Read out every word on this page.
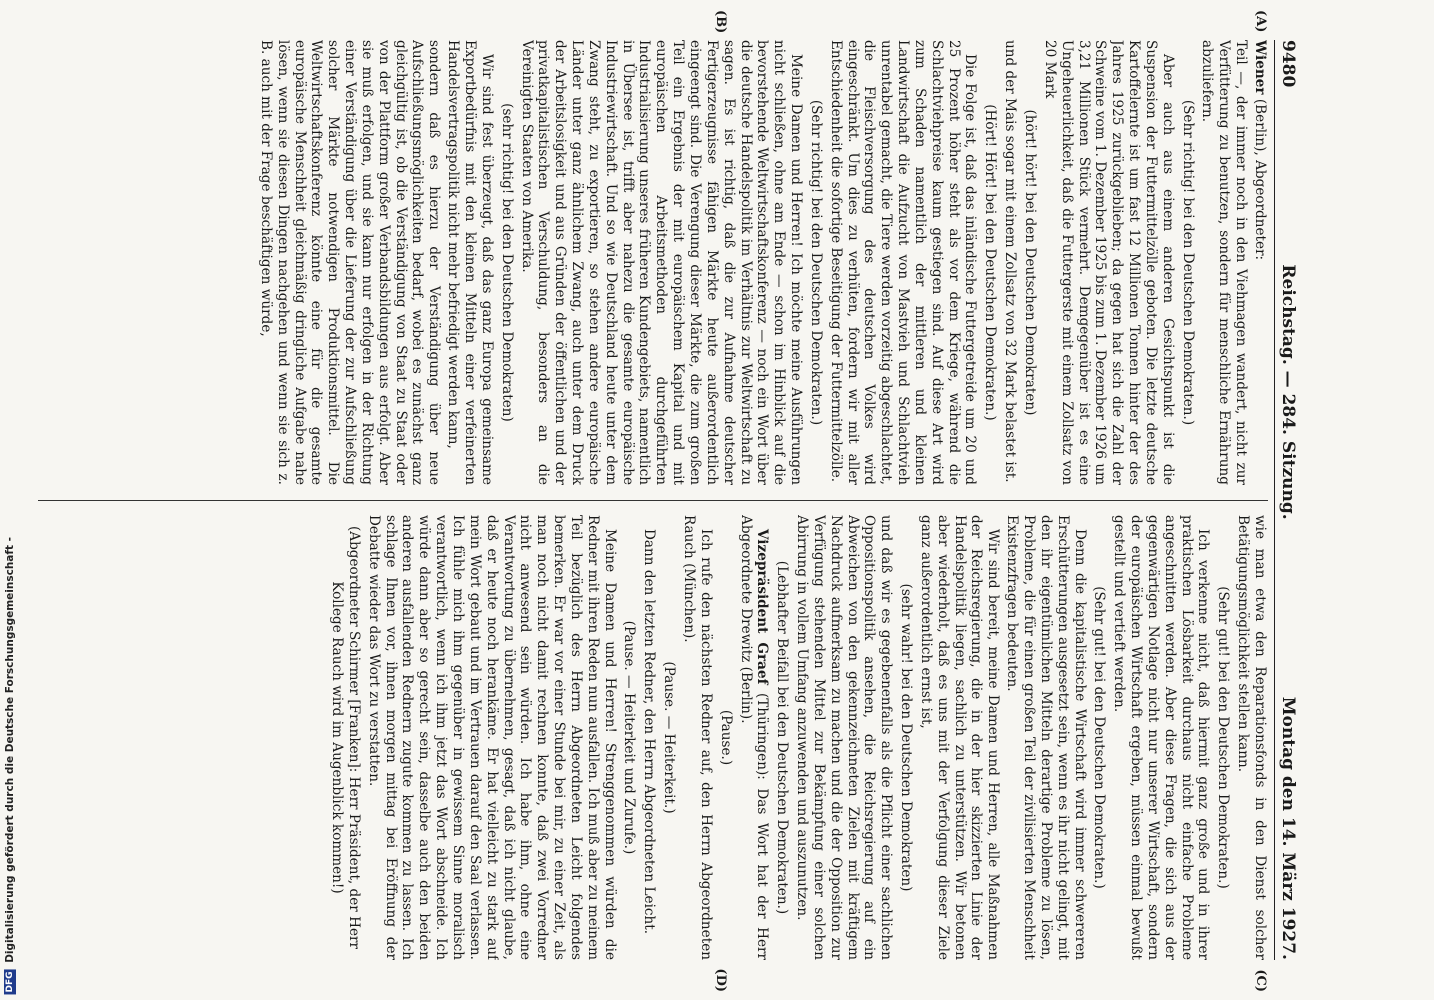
9480
Reichstag. — 284. Sitzung.
Montag den 14. März 1927.
(A)
(B)
(C)
(D)

Wiener (Berlin), Abgeordneter:

Teil —, der immer noch in den Viehmagen wandert, nicht zur Verfütterung zu benutzen, sondern für menschliche Ernährung abzuliefern.

(Sehr richtig! bei den Deutschen Demokraten.)

Aber auch aus einem anderen Gesichtspunkt ist die Suspension der Futtermittelzölle geboten. Die letzte deutsche Kartoffelernte ist um fast 12 Millionen Tonnen hinter der des Jahres 1925 zurückgeblieben; da gegen hat sich die Zahl der Schweine vom 1. Dezember 1925 bis zum 1. Dezember 1926 um 3,21 Millionen Stück vermehrt. Demgegenüber ist es eine Ungeheuerlichkeit, daß die Futtergerste mit einem Zollsatz von 20 Mark

(hört! hört! bei den Deutschen Demokraten)

und der Mais sogar mit einem Zollsatz von 32 Mark belastet ist.

(Hört! Hört! bei den Deutschen Demokraten.)

Die Folge ist, daß das inländische Futtergetreide um 20 und 25 Prozent höher steht als vor dem Kriege, während die Schlachtviehpreise kaum gestiegen sind. Auf diese Art wird zum Schaden namentlich der mittleren und kleinen Landwirtschaft die Aufzucht von Mastvieh und Schlachtvieh unrentabel gemacht, die Tiere werden vorzeitig abgeschlachtet, die Fleischversorgung des deutschen Volkes wird eingeschränkt. Um dies zu verhüten, fordern wir mit aller Entschiedenheit die sofortige Beseitigung der Futtermittelzölle.

(Sehr richtig! bei den Deutschen Demokraten.)

Meine Damen und Herren! Ich möchte meine Ausführungen nicht schließen, ohne am Ende — schon im Hinblick auf die bevorstehende Weltwirtschaftskonferenz — noch ein Wort über die deutsche Handelspolitik im Verhältnis zur Weltwirtschaft zu sagen. Es ist richtig, daß die zur Aufnahme deutscher Fertigerzeugnisse fähigen Märkte heute außerordentlich eingeengt sind. Die Verengung dieser Märkte, die zum großen Teil ein Ergebnis der mit europäischem Kapital und mit europäischen Arbeitsmethoden durchgeführten Industrialisierung unseres früheren Kundengebiets, namentlich in Übersee ist, trifft aber nahezu die gesamte europäische Industriewirtschaft. Und so wie Deutschland heute unter dem Zwang steht, zu exportieren, so stehen andere europäische Länder unter ganz ähnlichem Zwang, auch unter dem Druck der Arbeitslosigkeit und aus Gründen der öffentlichen und der privatkapitalistischen Verschuldung, besonders an die Vereinigten Staaten von Amerika.

(sehr richtig! bei den Deutschen Demokraten)

Wir sind fest überzeugt, daß das ganz Europa gemeinsame Exportbedürfnis mit den kleinen Mitteln einer verfeinerten Handelsvertragspolitik nicht mehr befriedigt werden kann,

sondern daß es hierzu der Verständigung über neue Aufschließungsmöglichkeiten bedarf, wobei es zunächst ganz gleichgültig ist, ob die Verständigung von Staat zu Staat oder von der Plattform großer Verbandsbildungen aus erfolgt. Aber sie muß erfolgen, und sie kann nur erfolgen in der Richtung einer Verständigung über die Lieferung der zur Aufschließung solcher Märkte notwendigen Produktionsmittel. Die Weltwirtschaftskonferenz könnte eine für die gesamte europäische Menschheit gleichmäßig dringliche Aufgabe nahe lösen, wenn sie diesen Dingen nachgehen und wenn sie sich z. B. auch mit der Frage beschäftigen würde,

wie man etwa den Reparationsfonds in den Dienst solcher Betätigungsmöglichkeit stellen kann.

(Sehr gut! bei den Deutschen Demokraten.)

Ich verkenne nicht, daß hiermit ganz große und in ihrer praktischen Lösbarkeit durchaus nicht einfache Probleme angeschnitten werden. Aber diese Fragen, die sich aus der gegenwärtigen Notlage nicht nur unserer Wirtschaft, sondern der europäischen Wirtschaft ergeben, müssen einmal bewußt gestellt und vertieft werden.

(Sehr gut! bei den Deutschen Demokraten.)

Denn die kapitalistische Wirtschaft wird immer schwereren Erschütterungen ausgesetzt sein, wenn es ihr nicht gelingt, mit den ihr eigentümlichen Mitteln derartige Probleme zu lösen, Probleme, die für einen großen Teil der zivilisierten Menschheit Existenzfragen bedeuten.

Wir sind bereit, meine Damen und Herren, alle Maßnahmen der Reichsregierung, die in der hier skizzierten Linie der Handelspolitik liegen, sachlich zu unterstützen. Wir betonen aber wiederholt, daß es uns mit der Verfolgung dieser Ziele ganz außerordentlich ernst ist,

(sehr wahr! bei den Deutschen Demokraten)

und daß wir es gegebenenfalls als die Pflicht einer sachlichen Oppositionspolitik ansehen, die Reichsregierung auf ein Abweichen von den gekennzeichneten Zielen mit kräftigem Nachdruck aufmerksam zu machen und die der Opposition zur Verfügung stehenden Mittel zur Bekämpfung einer solchen Abirrung in vollem Umfang anzuwenden und auszunutzen.

(Lebhafter Beifall bei den Deutschen Demokraten.)

Vizepräsident Graef (Thüringen): Das Wort hat der Herr Abgeordnete Drewitz (Berlin).

(Pause.)

Ich rufe den nächsten Redner auf, den Herrn Abgeordneten Rauch (München).

(Pause. — Heiterkeit.)

Dann den letzten Redner, den Herrn Abgeordneten Leicht.

(Pause. — Heiterkeit und Zurufe.)

Meine Damen und Herren! Strenggenommen würden die Redner mit ihren Reden nun ausfallen. Ich muß aber zu meinem Teil bezüglich des Herrn Abgeordneten Leicht folgendes bemerken. Er war vor einer Stunde bei mir, zu einer Zeit, als man noch nicht damit rechnen konnte, daß zwei Vorredner nicht anwesend sein würden. Ich habe ihm, ohne eine Verantwortung zu übernehmen, gesagt, daß ich nicht glaube, daß er heute noch herankäme. Er hat vielleicht zu stark auf mein Wort gebaut und im Vertrauen darauf den Saal verlassen. Ich fühle mich ihm gegenüber in gewissem Sinne moralisch verantwortlich, wenn ich ihm jetzt das Wort abschneide. Ich würde dann aber so gerecht sein, dasselbe auch den beiden anderen ausfallenden Rednern zugute kommen zu lassen. Ich schlage Ihnen vor, ihnen morgen mittag bei Eröffnung der Debatte wieder das Wort zu verstatten.

(Abgeordneter Schirmer [Franken]: Herr Präsident, der Herr Kollege Rauch wird im Augenblick kommen!)

DFG Digitalisierung gefördert durch die Deutsche Forschungsgemeinschaft -
